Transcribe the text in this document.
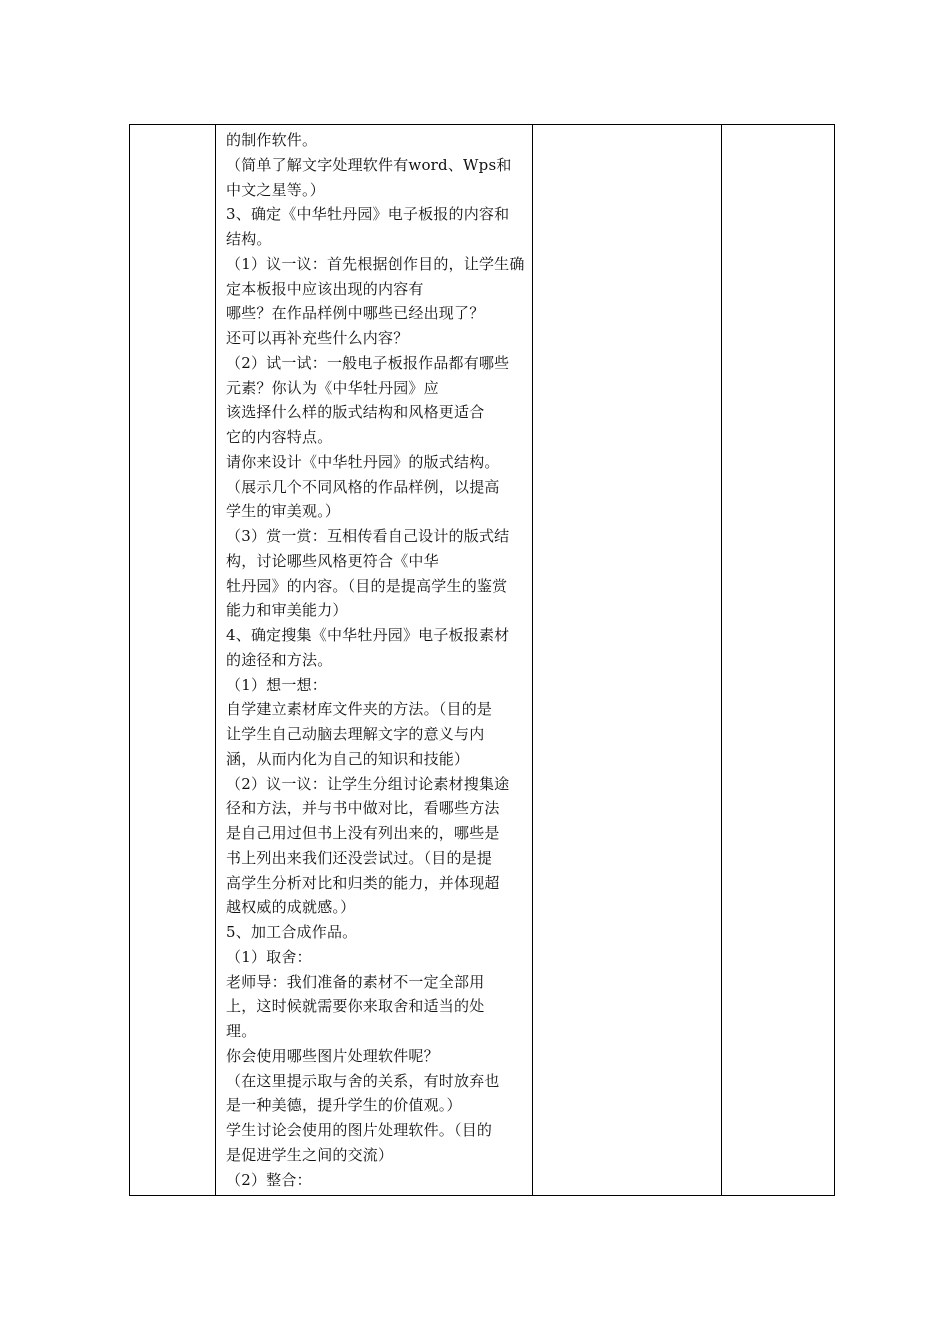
的制作软件。
（简单了解文字处理软件有word、Wps和
中文之星等。）
3、确定《中华牡丹园》电子板报的内容和
结构。
（1）议一议：首先根据创作目的，让学生确
定本板报中应该出现的内容有
哪些？在作品样例中哪些已经出现了？
还可以再补充些什么内容？
（2）试一试：一般电子板报作品都有哪些
元素？你认为《中华牡丹园》应
该选择什么样的版式结构和风格更适合
它的内容特点。
请你来设计《中华牡丹园》的版式结构。
（展示几个不同风格的作品样例，以提高
学生的审美观。）
（3）赏一赏：互相传看自己设计的版式结
构，讨论哪些风格更符合《中华
牡丹园》的内容。（目的是提高学生的鉴赏
能力和审美能力）
4、确定搜集《中华牡丹园》电子板报素材
的途径和方法。
（1）想一想：
自学建立素材库文件夹的方法。（目的是
让学生自己动脑去理解文字的意义与内
涵，从而内化为自己的知识和技能）
（2）议一议：让学生分组讨论素材搜集途
径和方法，并与书中做对比，看哪些方法
是自己用过但书上没有列出来的，哪些是
书上列出来我们还没尝试过。（目的是提
高学生分析对比和归类的能力，并体现超
越权威的成就感。）
5、加工合成作品。
（1）取舍：
老师导：我们准备的素材不一定全部用
上，这时候就需要你来取舍和适当的处
理。
你会使用哪些图片处理软件呢？
（在这里提示取与舍的关系，有时放弃也
是一种美德，提升学生的价值观。）
学生讨论会使用的图片处理软件。（目的
是促进学生之间的交流）
（2）整合：
